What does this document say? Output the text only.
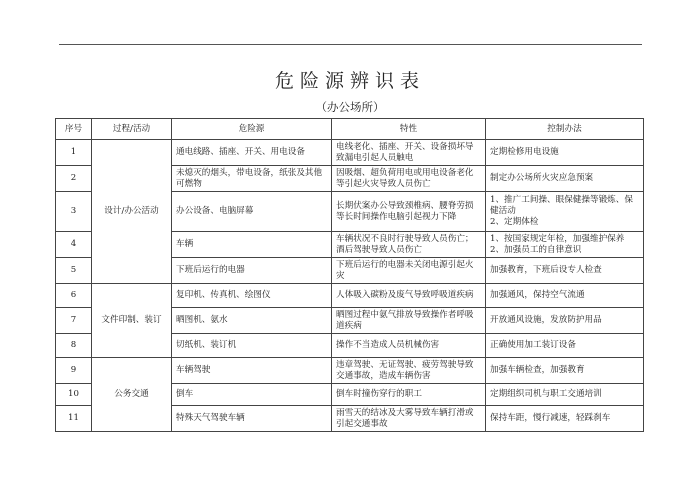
危险源辨识表
（办公场所）
序号	过程/活动	危险源	特性	控制办法
1	设计/办公活动	通电线路、插座、开关、用电设备	电线老化、插座、开关、设备损坏导致漏电引起人员触电	定期检修用电设施
2		未熄灭的烟头，带电设备，纸张及其他可燃物	因吸烟、超负荷用电或用电设备老化等引起火灾导致人员伤亡	制定办公场所火灾应急预案
3		办公设备、电脑屏幕	长期伏案办公导致颈椎病、腰脊劳损等长时间操作电脑引起视力下降	1、推广工间操、眼保健操等锻炼、保健活动
2、定期体检
4		车辆	车辆状况不良时行驶导致人员伤亡；酒后驾驶导致人员伤亡	1、按国家规定年检，加强维护保养
2、加强员工的自律意识
5		下班后运行的电器	下班后运行的电器未关闭电源引起火灾	加强教育，下班后设专人检查
6	文件印制、装订	复印机、传真机、绘图仪	人体吸入碳粉及废气导致呼吸道疾病	加强通风，保持空气流通
7		晒图机、氨水	晒图过程中氨气排放导致操作者呼吸道疾病	开放通风设施，发放防护用品
8		切纸机、装订机	操作不当造成人员机械伤害	正确使用加工装订设备
9	公务交通	车辆驾驶	违章驾驶、无证驾驶、疲劳驾驶导致交通事故，造成车辆伤害	加强车辆检查，加强教育
10		倒车	倒车时撞伤穿行的职工	定期组织司机与职工交通培训
11		特殊天气驾驶车辆	雨雪天的结冰及大雾导致车辆打滑或引起交通事故	保持车距，慢行减速，轻踩刹车
